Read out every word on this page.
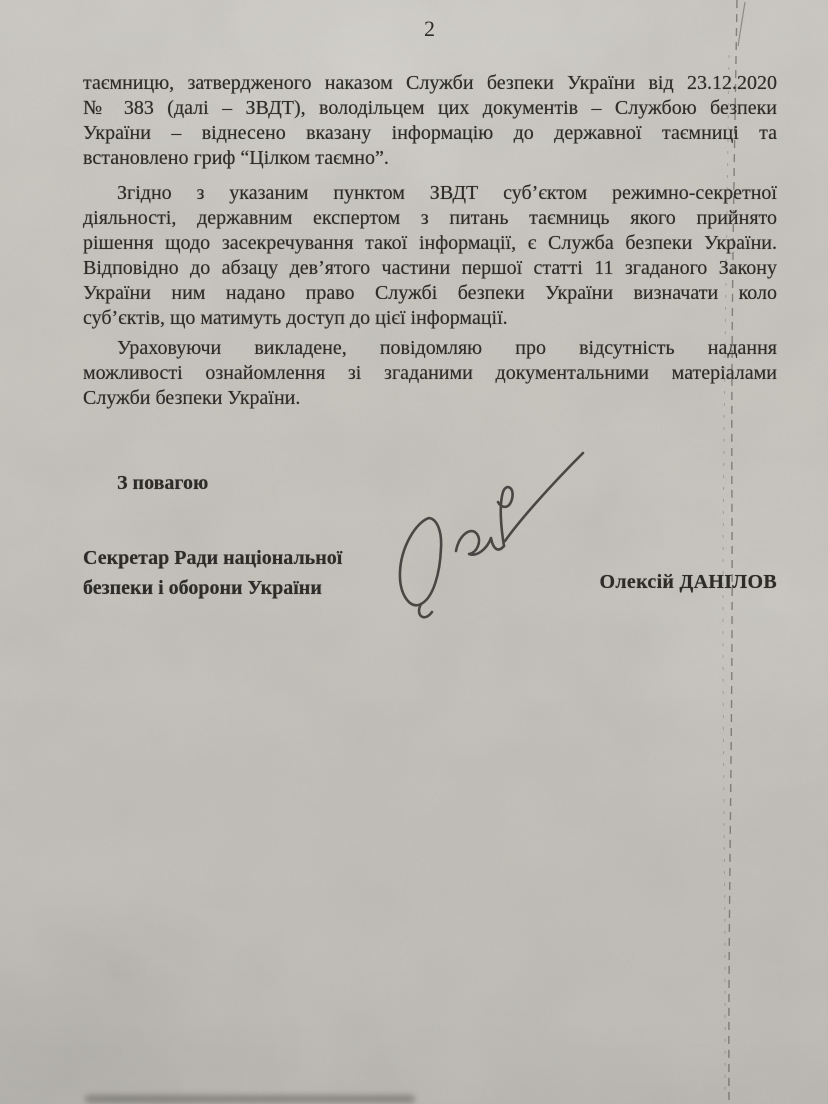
2
таємницю, затвердженого наказом Служби безпеки України від 23.12.2020
№ 383 (далі – ЗВДТ), володільцем цих документів – Службою безпеки
України – віднесено вказану інформацію до державної таємниці та
встановлено гриф “Цілком таємно”.
Згідно з указаним пунктом ЗВДТ суб’єктом режимно-секретної
діяльності, державним експертом з питань таємниць якого прийнято
рішення щодо засекречування такої інформації, є Служба безпеки України.
Відповідно до абзацу дев’ятого частини першої статті 11 згаданого Закону
України ним надано право Службі безпеки України визначати коло
суб’єктів, що матимуть доступ до цієї інформації.
Ураховуючи викладене, повідомляю про відсутність надання
можливості ознайомлення зі згаданими документальними матеріалами
Служби безпеки України.
З повагою
Секретар Ради національної
безпеки і оборони України	Олексій ДАНІЛОВ
